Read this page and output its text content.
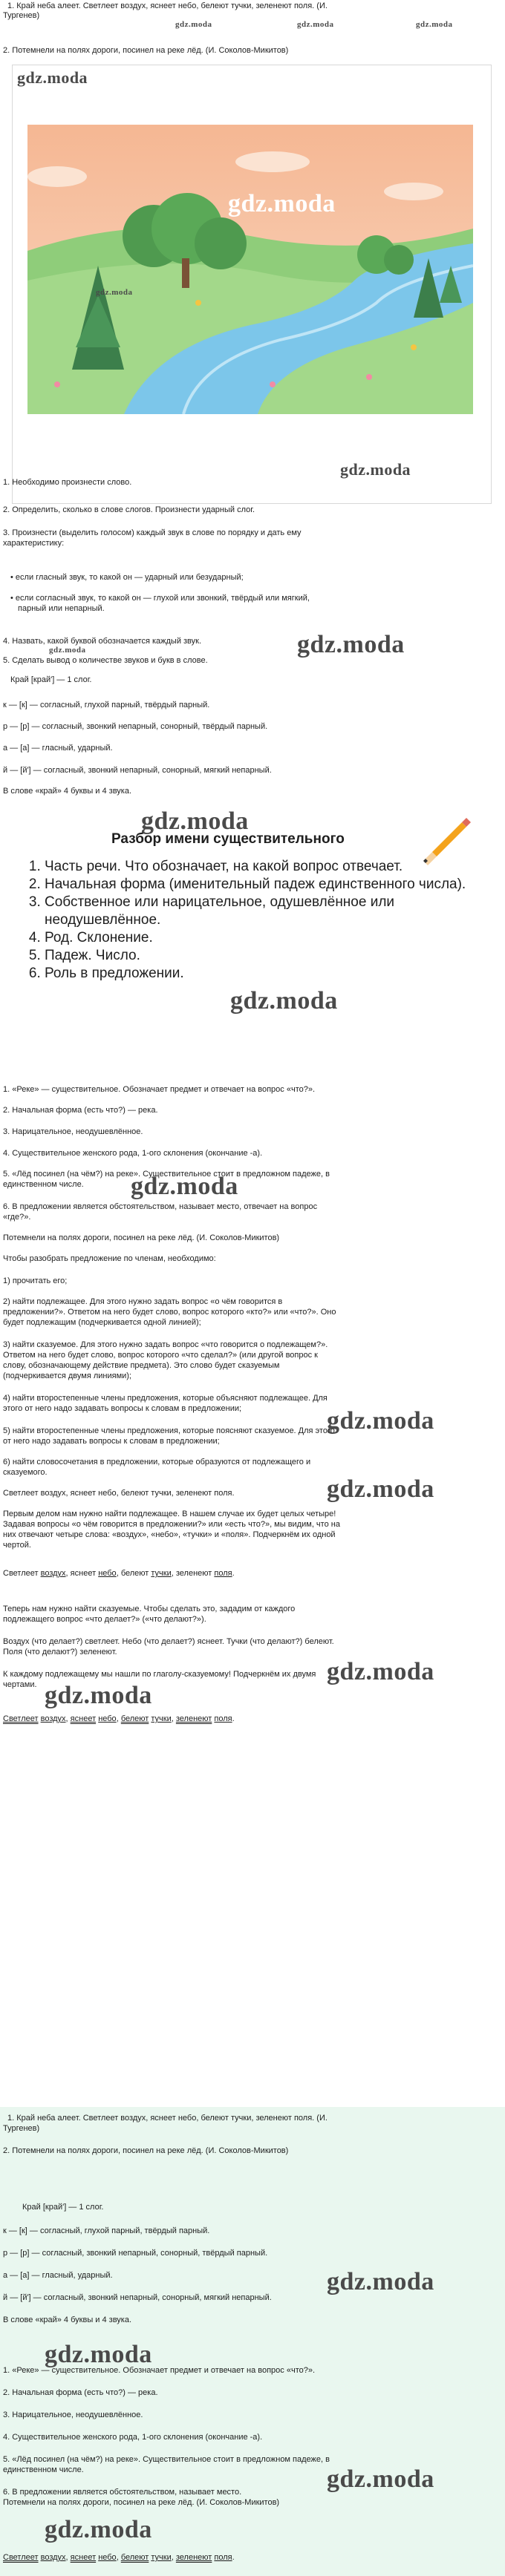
1. Край неба алеет. Светлеет воздух, яснеет небо, белеют тучки, зеленеют поля. (И.

Тургенев)

2. Потемнели на полях дороги, посинел на реке лёд. (И. Соколов-Микитов)

gdz.moda	gdz.moda	gdz.moda
gdz.moda
gdz.moda
gdz.moda
gdz.moda

1. Необходимо произнести слово.

2. Определить, сколько в слове слогов. Произнести ударный слог.

3. Произнести (выделить голосом) каждый звук в слове по порядку и дать ему

характеристику:

• если гласный звук, то какой он — ударный или безударный;

• если согласный звук, то какой он — глухой или звонкий, твёрдый или мягкий,

парный или непарный.

4. Назвать, какой буквой обозначается каждый звук.

5. Сделать вывод о количестве звуков и букв в слове.

gdz.moda
gdz.moda

Край [край'] — 1 слог.

к — [к] — согласный, глухой парный, твёрдый парный.

р — [р] — согласный, звонкий непарный, сонорный, твёрдый парный.

а — [а] — гласный, ударный.

й — [й'] — согласный, звонкий непарный, сонорный, мягкий непарный.

В слове «край» 4 буквы и 4 звука.

gdz.moda
Разбор имени существительного
1. Часть речи. Что обозначает, на какой вопрос отвечает.
2. Начальная форма (именительный падеж единственного числа).
3. Собственное или нарицательное, одушевлённое или неодушевлённое.
4. Род. Склонение.
5. Падеж. Число.
6. Роль в предложении.
gdz.moda

1. «Реке» — существительное. Обозначает предмет и отвечает на вопрос «что?».

2. Начальная форма (есть что?) — река.

3. Нарицательное, неодушевлённое.

4. Существительное женского рода, 1-ого склонения (окончание -а).

5. «Лёд посинел (на чём?) на реке». Существительное стоит в предложном падеже, в

единственном числе.

6. В предложении является обстоятельством, называет место, отвечает на вопрос

«где?».

gdz.moda

Потемнели на полях дороги, посинел на реке лёд. (И. Соколов-Микитов)

Чтобы разобрать предложение по членам, необходимо:

1) прочитать его;

2) найти подлежащее. Для этого нужно задать вопрос «о чём говорится в

предложении?». Ответом на него будет слово, вопрос которого «кто?» или «что?». Оно

будет подлежащим (подчеркивается одной линией);

3) найти сказуемое. Для этого нужно задать вопрос «что говорится о подлежащем?».

Ответом на него будет слово, вопрос которого «что сделал?» (или другой вопрос к

слову, обозначающему действие предмета). Это слово будет сказуемым

(подчеркивается двумя линиями);

4) найти второстепенные члены предложения, которые объясняют подлежащее. Для

этого от него надо задавать вопросы к словам в предложении;

5) найти второстепенные члены предложения, которые поясняют сказуемое. Для этого

от него надо задавать вопросы к словам в предложении;

6) найти словосочетания в предложении, которые образуются от подлежащего и

сказуемого.

gdz.moda

Светлеет воздух, яснеет небо, белеют тучки, зеленеют поля.

Первым делом нам нужно найти подлежащее. В нашем случае их будет целых четыре!

Задавая вопросы «о чём говорится в предложении?» или «есть что?», мы видим, что на

них отвечают четыре слова: «воздух», «небо», «тучки» и «поля». Подчеркнём их одной

чертой.

gdz.moda

Светлеет воздух, яснеет небо, белеют тучки, зеленеют поля.

Теперь нам нужно найти сказуемые. Чтобы сделать это, зададим от каждого

подлежащего вопрос «что делает?» («что делают?»).

Воздух (что делает?) светлеет. Небо (что делает?) яснеет. Тучки (что делают?) белеют.

Поля (что делают?) зеленеют.

К каждому подлежащему мы нашли по глаголу-сказуемому! Подчеркнём их двумя

чертами. gdz.moda
gdz.moda

Светлеет воздух, яснеет небо, белеют тучки, зеленеют поля.

1. Край неба алеет. Светлеет воздух, яснеет небо, белеют тучки, зеленеют поля. (И.

Тургенев)

2. Потемнели на полях дороги, посинел на реке лёд. (И. Соколов-Микитов)

Край [край'] — 1 слог.

к — [к] — согласный, глухой парный, твёрдый парный.

р — [р] — согласный, звонкий непарный, сонорный, твёрдый парный.

а — [а] — гласный, ударный.

й — [й'] — согласный, звонкий непарный, сонорный, мягкий непарный.

В слове «край» 4 буквы и 4 звука.

gdz.moda
gdz.moda

1. «Реке» — существительное. Обозначает предмет и отвечает на вопрос «что?».

2. Начальная форма (есть что?) — река.

3. Нарицательное, неодушевлённое.

4. Существительное женского рода, 1-ого склонения (окончание -а).

5. «Лёд посинел (на чём?) на реке». Существительное стоит в предложном падеже, в

единственном числе.

6. В предложении является обстоятельством, называет место.

Потемнели на полях дороги, посинел на реке лёд. (И. Соколов-Микитов)

gdz.moda
gdz.moda

Светлеет воздух, яснеет небо, белеют тучки, зеленеют поля.
